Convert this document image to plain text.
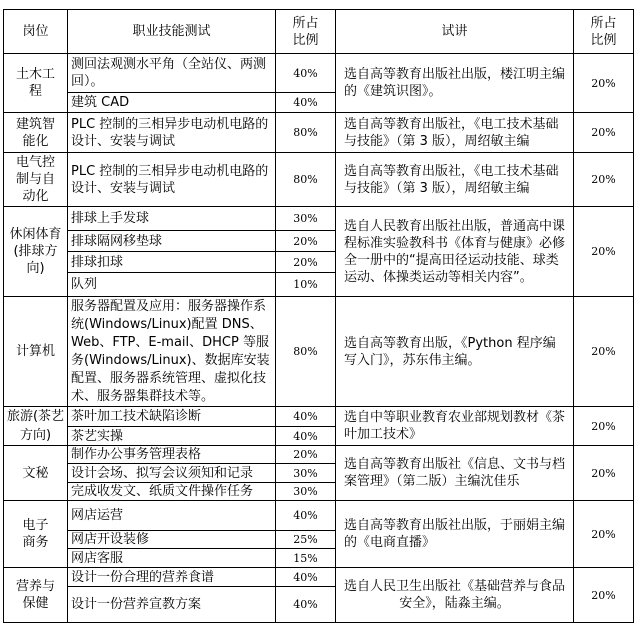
岗位	职业技能测试	所占比例	试讲	所占比例
土木工程	测回法观测水平角（全站仪、两测回）。	40%	选自高等教育出版社出版，楼江明主编的《建筑识图》。	20%
	建筑 CAD	40%		
建筑智能化	PLC 控制的三相异步电动机电路的设计、安装与调试	80%	选自高等教育出版社，《电工技术基础与技能》（第 3 版），周绍敏主编	20%
电气控制与自动化	PLC 控制的三相异步电动机电路的设计、安装与调试	80%	选自高等教育出版社，《电工技术基础与技能》（第 3 版），周绍敏主编	20%
休闲体育(排球方向)	排球上手发球	30%	选自人民教育出版社出版，普通高中课程标准实验教科书《体育与健康》必修全一册中的“提高田径运动技能、球类运动、体操类运动等相关内容”。	20%
	排球隔网移垫球	20%		
	排球扣球	20%		
	队列	10%		
计算机	服务器配置及应用：服务器操作系统(Windows/Linux)配置 DNS、Web、FTP、E-mail、DHCP 等服务(Windows/Linux)、数据库安装配置、服务器系统管理、虚拟化技术、服务器集群技术等。	80%	选自高等教育出版，《Python 程序编写入门》，苏东伟主编。	20%
旅游(茶艺方向)	茶叶加工技术缺陷诊断	40%	选自中等职业教育农业部规划教材《茶叶加工技术》	20%
	茶艺实操	40%		
文秘	制作办公事务管理表格	20%	选自高等教育出版社《信息、文书与档案管理》（第二版）主编沈佳乐	20%
	设计会场、拟写会议须知和记录	30%		
	完成收发文、纸质文件操作任务	30%		
电子商务	网店运营	40%	选自高等教育出版社出版，于丽娟主编的《电商直播》	20%
	网店开设装修	25%		
	网店客服	15%		
营养与保健	设计一份合理的营养食谱	40%	选自人民卫生出版社《基础营养与食品安全》，陆淼主编。	20%
	设计一份营养宣教方案	40%		
